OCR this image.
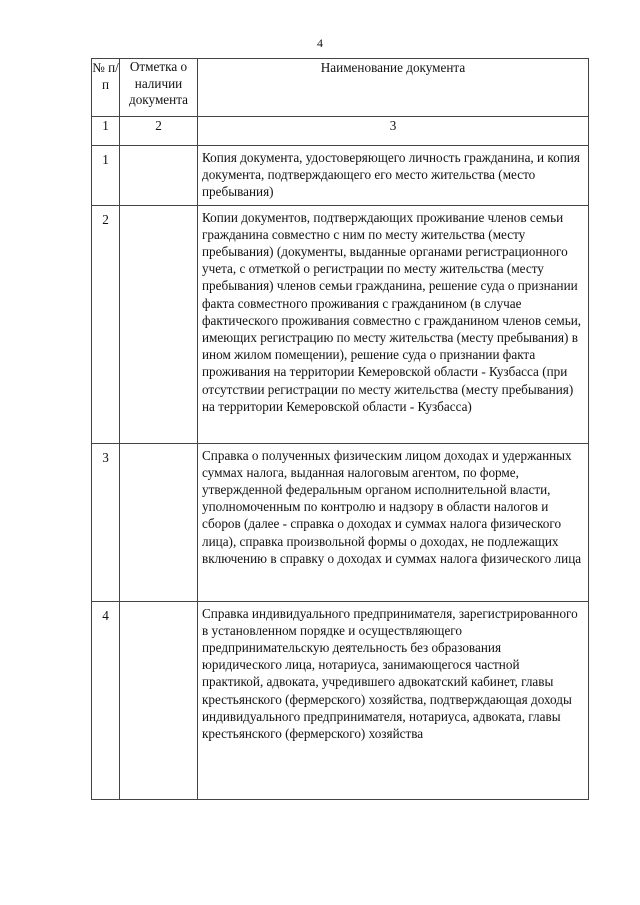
4
№ п/п	Отметка о наличии документа	Наименование документа
1	2	3
1		Копия документа, удостоверяющего личность гражданина, и копия документа, подтверждающего его место жительства (место пребывания)
2		Копии документов, подтверждающих проживание членов семьи гражданина совместно с ним по месту жительства (месту пребывания) (документы, выданные органами регистрационного учета, с отметкой о регистрации по месту жительства (месту пребывания) членов семьи гражданина, решение суда о признании факта совместного проживания с гражданином (в случае фактического проживания совместно с гражданином членов семьи, имеющих регистрацию по месту жительства (месту пребывания) в ином жилом помещении), решение суда о признании факта проживания на территории Кемеровской области - Кузбасса (при отсутствии регистрации по месту жительства (месту пребывания) на территории Кемеровской области - Кузбасса)
3		Справка о полученных физическим лицом доходах и удержанных суммах налога, выданная налоговым агентом, по форме, утвержденной федеральным органом исполнительной власти, уполномоченным по контролю и надзору в области налогов и сборов (далее - справка о доходах и суммах налога физического лица), справка произвольной формы о доходах, не подлежащих включению в справку о доходах и суммах налога физического лица
4		Справка индивидуального предпринимателя, зарегистрированного в установленном порядке и осуществляющего предпринимательскую деятельность без образования юридического лица, нотариуса, занимающегося частной практикой, адвоката, учредившего адвокатский кабинет, главы крестьянского (фермерского) хозяйства, подтверждающая доходы индивидуального предпринимателя, нотариуса, адвоката, главы крестьянского (фермерского) хозяйства
